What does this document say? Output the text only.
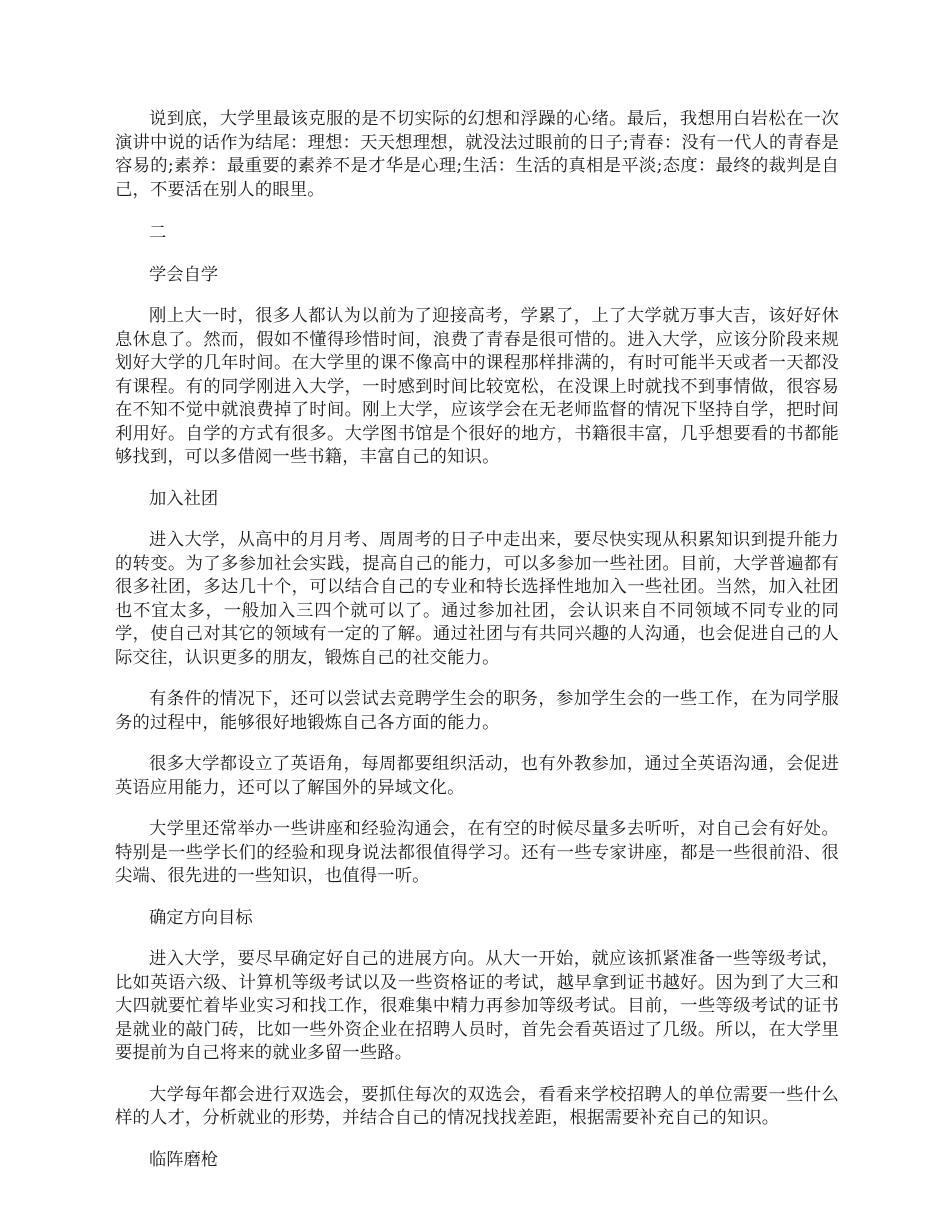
说到底，大学里最该克服的是不切实际的幻想和浮躁的心绪。最后，我想用白岩松在一次演讲中说的话作为结尾：理想：天天想理想，就没法过眼前的日子;青春：没有一代人的青春是容易的;素养：最重要的素养不是才华是心理;生活：生活的真相是平淡;态度：最终的裁判是自己，不要活在别人的眼里。

二

学会自学

刚上大一时，很多人都认为以前为了迎接高考，学累了，上了大学就万事大吉，该好好休息休息了。然而，假如不懂得珍惜时间，浪费了青春是很可惜的。进入大学，应该分阶段来规划好大学的几年时间。在大学里的课不像高中的课程那样排满的，有时可能半天或者一天都没有课程。有的同学刚进入大学，一时感到时间比较宽松，在没课上时就找不到事情做，很容易在不知不觉中就浪费掉了时间。刚上大学，应该学会在无老师监督的情况下坚持自学，把时间利用好。自学的方式有很多。大学图书馆是个很好的地方，书籍很丰富，几乎想要看的书都能够找到，可以多借阅一些书籍，丰富自己的知识。

加入社团

进入大学，从高中的月月考、周周考的日子中走出来，要尽快实现从积累知识到提升能力的转变。为了多参加社会实践，提高自己的能力，可以多参加一些社团。目前，大学普遍都有很多社团，多达几十个，可以结合自己的专业和特长选择性地加入一些社团。当然，加入社团也不宜太多，一般加入三四个就可以了。通过参加社团，会认识来自不同领域不同专业的同学，使自己对其它的领域有一定的了解。通过社团与有共同兴趣的人沟通，也会促进自己的人际交往，认识更多的朋友，锻炼自己的社交能力。

有条件的情况下，还可以尝试去竞聘学生会的职务，参加学生会的一些工作，在为同学服务的过程中，能够很好地锻炼自己各方面的能力。

很多大学都设立了英语角，每周都要组织活动，也有外教参加，通过全英语沟通，会促进英语应用能力，还可以了解国外的异域文化。

大学里还常举办一些讲座和经验沟通会，在有空的时候尽量多去听听，对自己会有好处。特别是一些学长们的经验和现身说法都很值得学习。还有一些专家讲座，都是一些很前沿、很尖端、很先进的一些知识，也值得一听。

确定方向目标

进入大学，要尽早确定好自己的进展方向。从大一开始，就应该抓紧准备一些等级考试，比如英语六级、计算机等级考试以及一些资格证的考试，越早拿到证书越好。因为到了大三和大四就要忙着毕业实习和找工作，很难集中精力再参加等级考试。目前，一些等级考试的证书是就业的敲门砖，比如一些外资企业在招聘人员时，首先会看英语过了几级。所以，在大学里要提前为自己将来的就业多留一些路。

大学每年都会进行双选会，要抓住每次的双选会，看看来学校招聘人的单位需要一些什么样的人才，分析就业的形势，并结合自己的情况找找差距，根据需要补充自己的知识。

临阵磨枪
